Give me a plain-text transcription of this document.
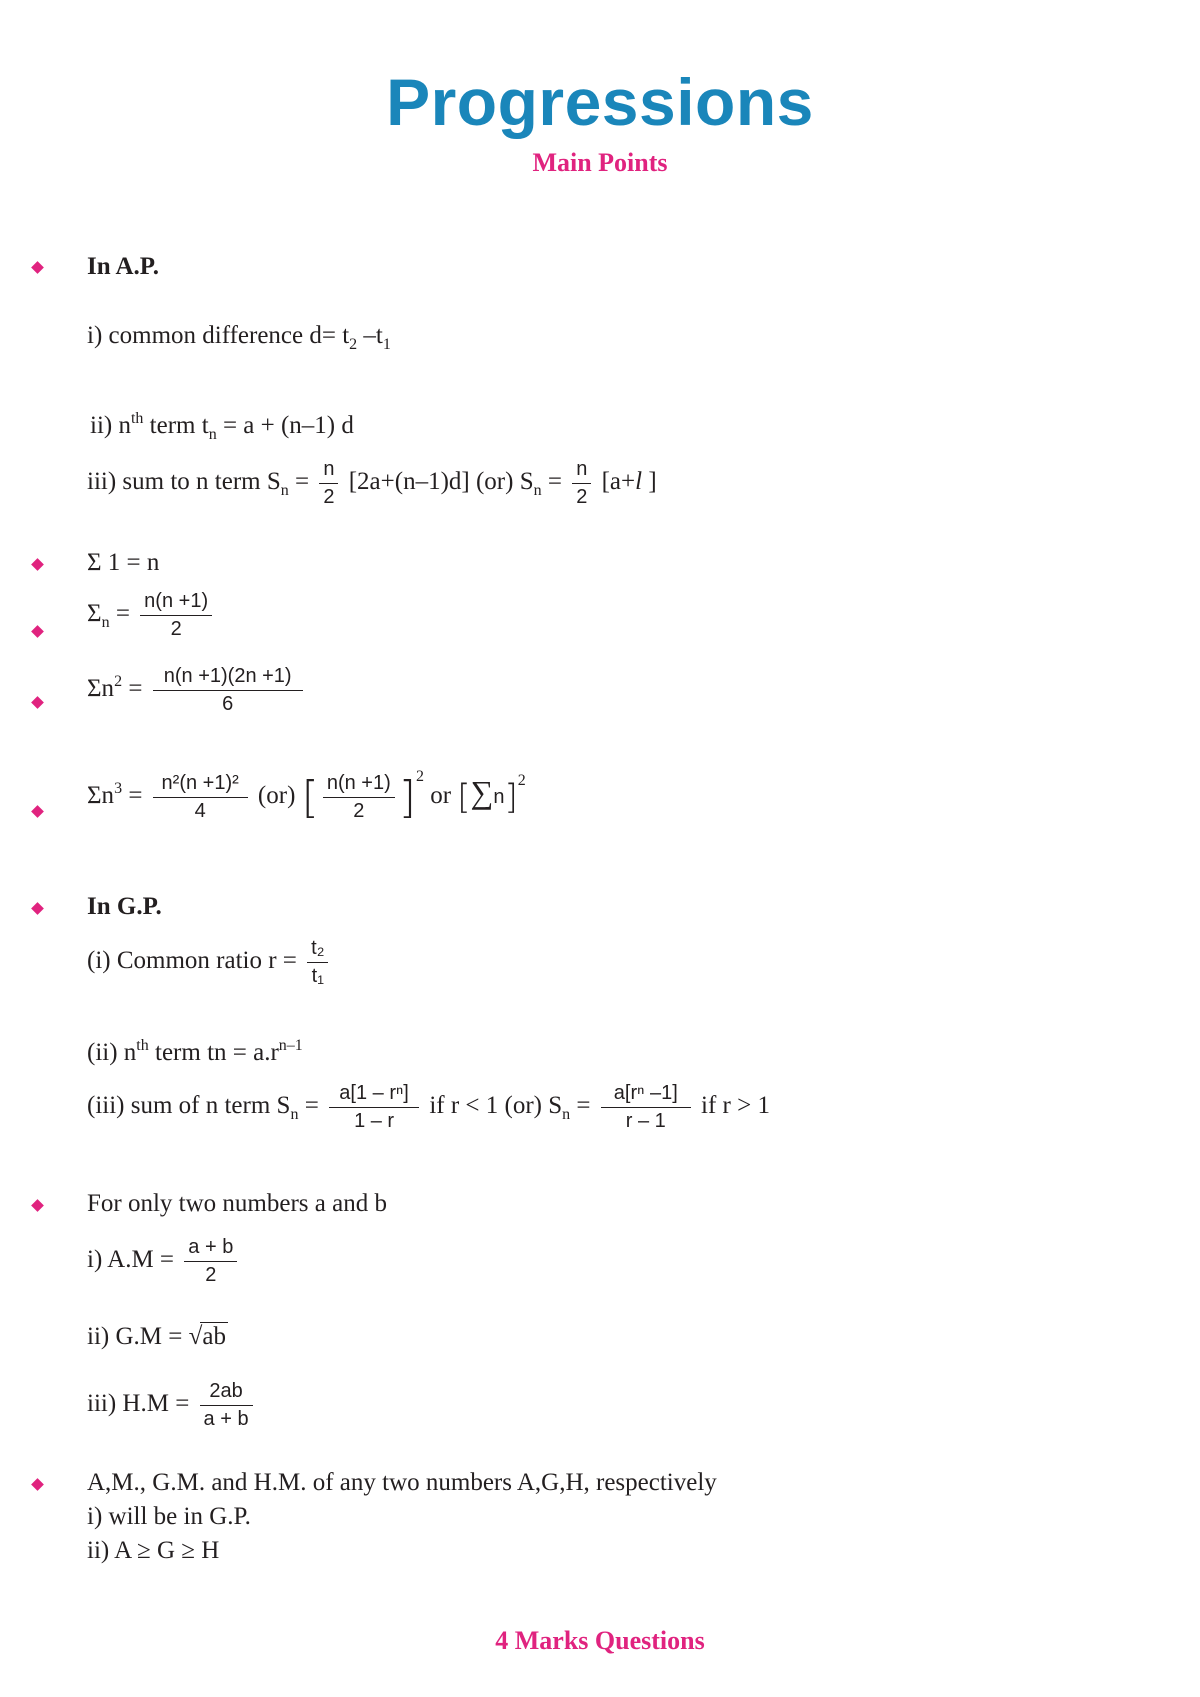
Progressions
Main Points
In A.P.
i) common difference $d= t_2$ $-t_1$
ii) $n^{th}$ term $t_n = a + (n-1)$ d
iii) sum to n term $S_n = \frac{n}{2} [2a+(n-1)d]$ (or) $S_n = \frac{n}{2} [a+l$ ]
Σ 1 = n
$\Sigma_n = \frac{n(n +1)}{2}$
$\Sigma n^2 = \frac{n(n +1)(2n +1)}{6}$
$\Sigma n^3 = \frac{\text{n²(n +1)²}}{4} (or)$ [ $\frac{n(n +1)}{2} ]^2$ or $[\sum n]^2$
In G.P.
(i) Common ratio $r = \frac{\text{t₂}}{\text{t₁}}$
(ii) $n^{th}$ term tn = $a.r^{n-1}$
(iii) sum of n term $S_n = \frac{\text{a[1 – rⁿ]}}{1 - r}$ if r < 1 (or) $S_n = \frac{\text{a[rⁿ –1]}}{r - 1}$ if r > 1
For only two numbers a and b
i) $A.M = \frac{a + b}{2}$
ii) G.M = √ab
iii) $H.M = \frac{2ab}{a + b}$
A,M., G.M. and H.M. of any two numbers A,G,H, respectively
i) will be in G.P.
ii) A ≥ G ≥ H
4 Marks Questions
